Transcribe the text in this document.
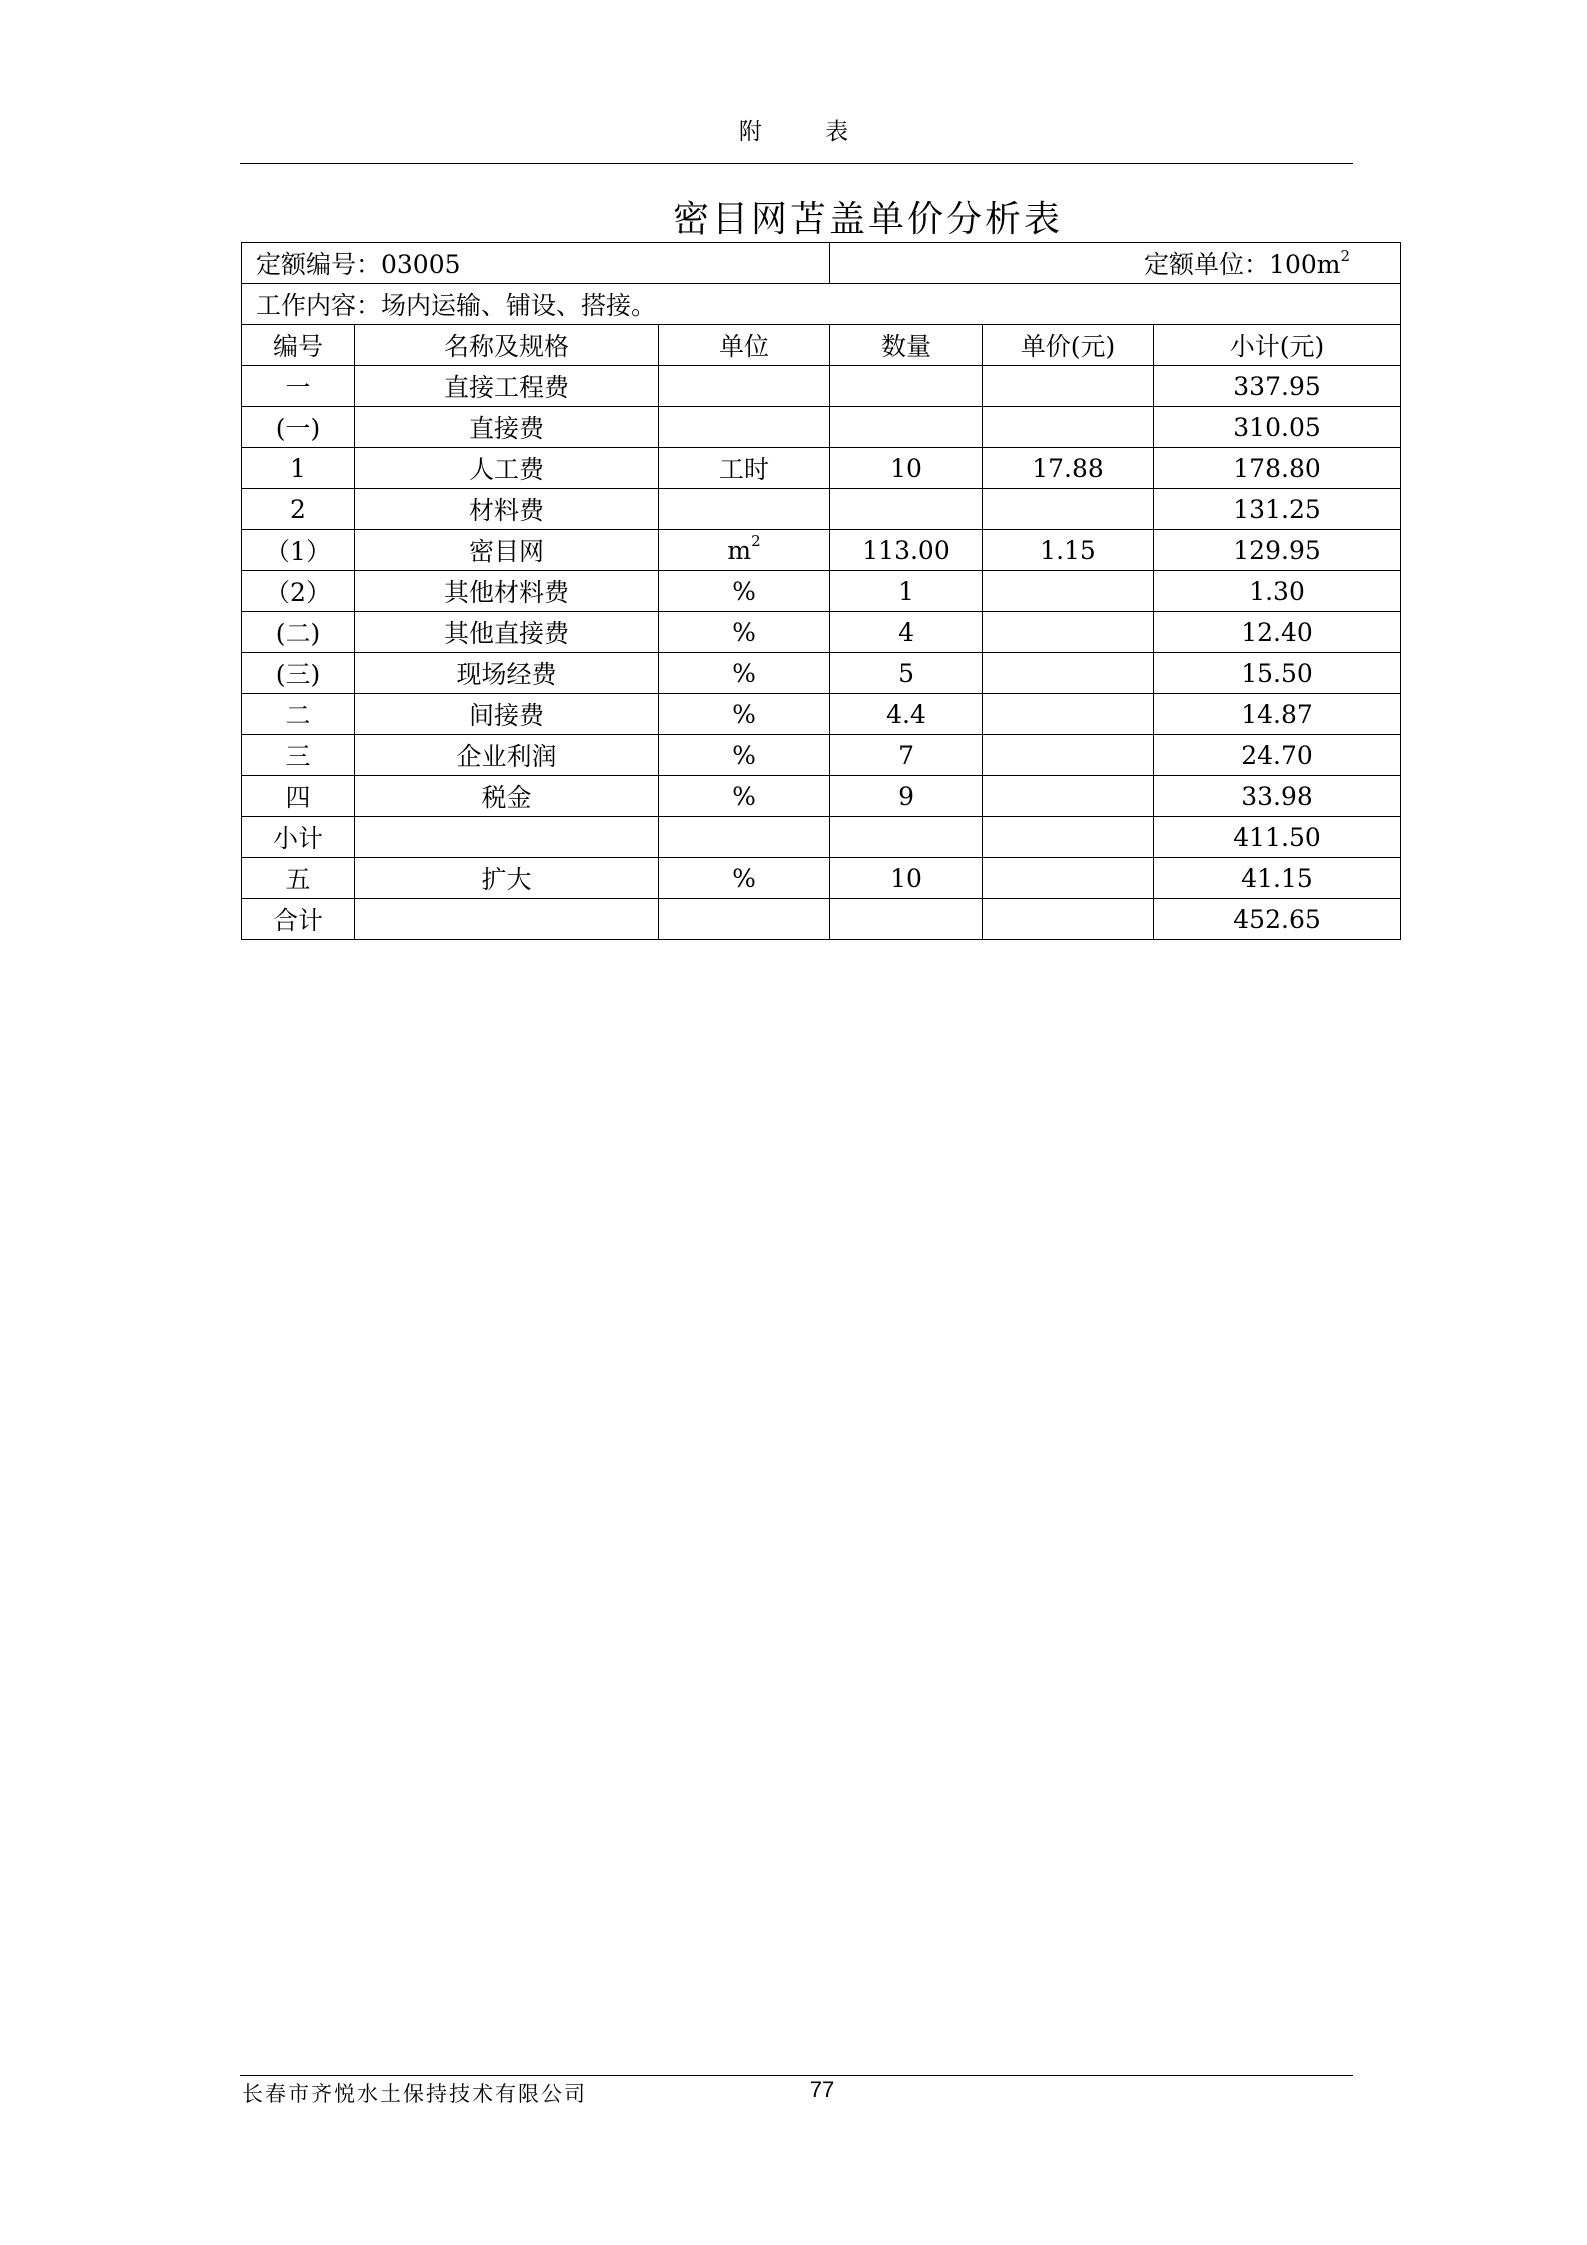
附 表
密目网苫盖单价分析表
定额编号：03005			定额单位：$100m^2$
工作内容：场内运输、铺设、搭接。					
编号	名称及规格	单位	数量	单价(元)	小计(元)
一	直接工程费				337.95
(一)	直接费				310.05
1	人工费	工时	10	17.88	178.80
2	材料费				131.25
（1）	密目网	$m^2$	113.00	1.15	129.95
（2）	其他材料费	%	1		1.30
(二)	其他直接费	%	4		12.40
(三)	现场经费	%	5		15.50
二	间接费	%	4.4		14.87
三	企业利润	%	7		24.70
四	税金	%	9		33.98
小计					411.50
五	扩大	%	10		41.15
合计					452.65
长春市齐悦水土保持技术有限公司	77
